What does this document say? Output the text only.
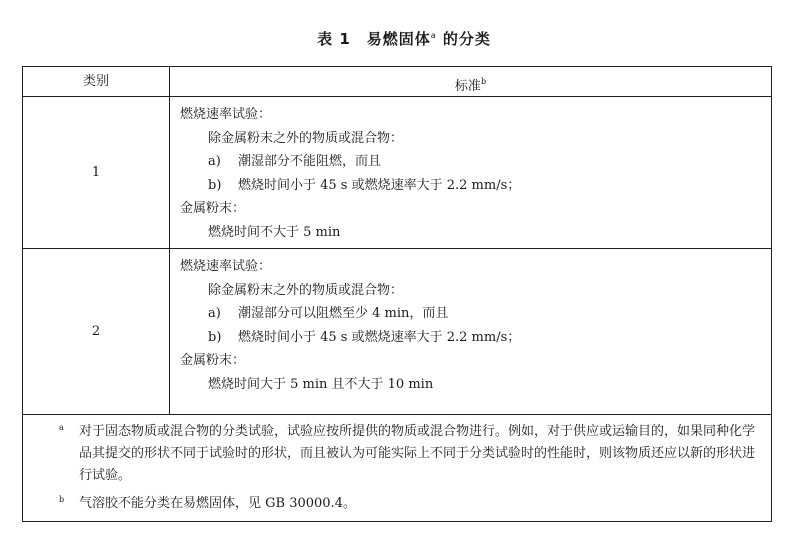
表 1　易燃固体$^a$ 的分类
类别	标准$^b$
1
燃烧速率试验：
除金属粉末之外的物质或混合物：
a) 潮湿部分不能阻燃，而且
b) 燃烧时间小于 45 s 或燃烧速率大于 2.2 mm/s；
金属粉末：
燃烧时间不大于 5 min
2
燃烧速率试验：
除金属粉末之外的物质或混合物：
a) 潮湿部分可以阻燃至少 4 min，而且
b) 燃烧时间小于 45 s 或燃烧速率大于 2.2 mm/s；
金属粉末：
燃烧时间大于 5 min 且不大于 10 min
a 对于固态物质或混合物的分类试验，试验应按所提供的物质或混合物进行。例如，对于供应或运输目的，如果同种化学品其提交的形状不同于试验时的形状，而且被认为可能实际上不同于分类试验时的性能时，则该物质还应以新的形状进行试验。
b 气溶胶不能分类在易燃固体，见 GB 30000.4。
